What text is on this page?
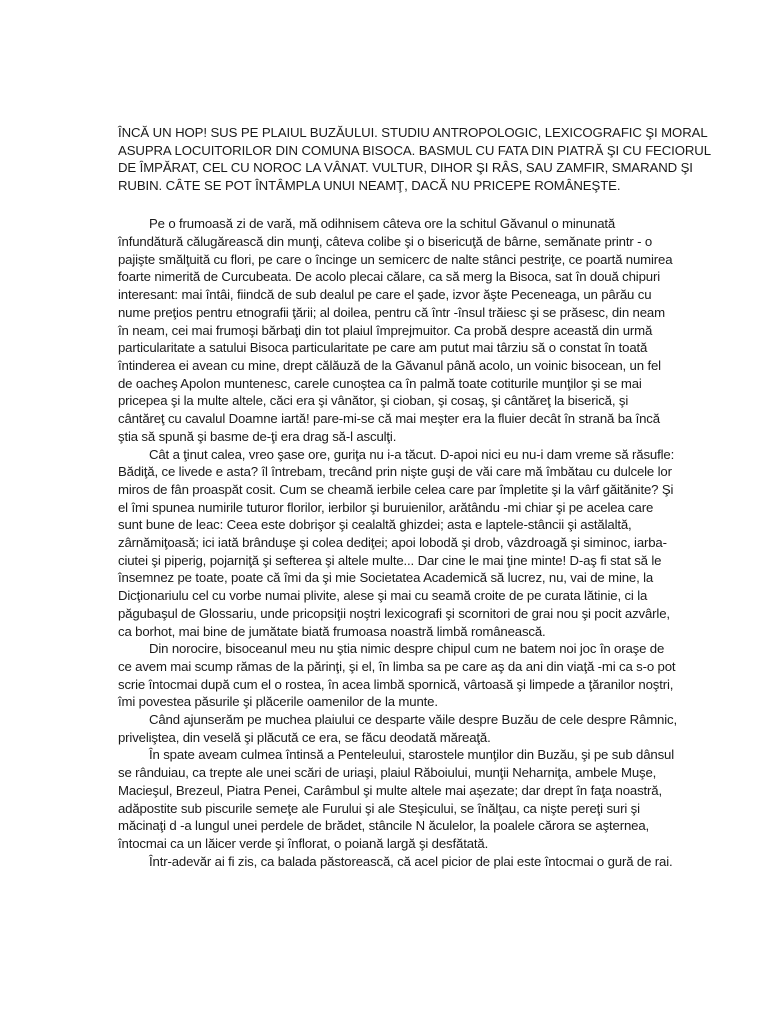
ÎNCĂ UN HOP! SUS PE PLAIUL BUZĂULUI. STUDIU ANTROPOLOGIC, LEXICOGRAFIC ŞI MORAL ASUPRA LOCUITORILOR DIN COMUNA BISOCA. BASMUL CU FATA DIN PIATRĂ ŞI CU FECIORUL DE ÎMPĂRAT, CEL CU NOROC LA VÂNAT. VULTUR, DIHOR ŞI RÂS, SAU ZAMFIR, SMARAND ŞI RUBIN. CÂTE SE POT ÎNTÂMPLA UNUI NEAMŢ, DACĂ NU PRICEPE ROMÂNEŞTE.

Pe o frumoasă zi de vară, mă odihnisem câteva ore la schitul Găvanul o minunată înfundătură călugărească din munţi, câteva colibe şi o bisericuţă de bârne, semănate printr - o pajişte smălţuită cu flori, pe care o încinge un semicerc de nalte stânci pestriţe, ce poartă numirea foarte nimerită de Curcubeata. De acolo plecai călare, ca să merg la Bisoca, sat în două chipuri interesant: mai întâi, fiindcă de sub dealul pe care el şade, izvor ăşte Peceneaga, un pârău cu nume preţios pentru etnografii ţării; al doilea, pentru că într -însul trăiesc şi se prăsesc, din neam în neam, cei mai frumoşi bărbaţi din tot plaiul împrejmuitor. Ca probă despre această din urmă particularitate a satului Bisoca particularitate pe care am putut mai târziu să o constat în toată întinderea ei avean cu mine, drept călăuză de la Găvanul până acolo, un voinic bisocean, un fel de oacheş Apolon muntenesc, carele cunoştea ca în palmă toate cotiturile munţilor şi se mai pricepea şi la multe altele, căci era şi vânător, şi cioban, şi cosaş, şi cântăreţ la biserică, şi cântăreţ cu cavalul Doamne iartă! pare-mi-se că mai meşter era la fluier decât în strană ba încă ştia să spună şi basme de-ţi era drag să-l asculţi.

Cât a ţinut calea, vreo şase ore, guriţa nu i-a tăcut. D-apoi nici eu nu-i dam vreme să răsufle: Bădiţă, ce livede e asta? îl întrebam, trecând prin nişte guşi de văi care mă îmbătau cu dulcele lor miros de fân proaspăt cosit. Cum se cheamă ierbile celea care par împletite şi la vârf găitănite? Şi el îmi spunea numirile tuturor florilor, ierbilor şi buruienilor, arătându -mi chiar şi pe acelea care sunt bune de leac: Ceea este dobrişor şi cealaltă ghizdei; asta e laptele-stâncii şi astălaltă, zârnămiţoasă; ici iată brânduşe şi colea dediţei; apoi lobodă şi drob, vâzdroagă şi siminoc, iarba-ciutei şi piperig, pojarniţă şi sefterea şi altele multe... Dar cine le mai ţine minte! D-aş fi stat să le însemnez pe toate, poate că îmi da şi mie Societatea Academică să lucrez, nu, vai de mine, la Dicţionariulu cel cu vorbe numai plivite, alese şi mai cu seamă croite de pe curata lătinie, ci la păgubaşul de Glossariu, unde pricopsiţii noştri lexicografi şi scornitori de grai nou şi pocit azvârle, ca borhot, mai bine de jumătate biată frumoasa noastră limbă românească.

Din norocire, bisoceanul meu nu ştia nimic despre chipul cum ne batem noi joc în oraşe de ce avem mai scump rămas de la părinţi, şi el, în limba sa pe care aş da ani din viaţă -mi ca s-o pot scrie întocmai după cum el o rostea, în acea limbă spornică, vârtoasă şi limpede a ţăranilor noştri, îmi povestea păsurile şi plăcerile oamenilor de la munte.

Când ajunserăm pe muchea plaiului ce desparte văile despre Buzău de cele despre Râmnic, priveliştea, din veselă şi plăcută ce era, se făcu deodată măreaţă.

În spate aveam culmea întinsă a Penteleului, starostele munţilor din Buzău, şi pe sub dânsul se rânduiau, ca trepte ale unei scări de uriaşi, plaiul Răboiului, munţii Neharniţa, ambele Muşe, Macieşul, Brezeul, Piatra Penei, Carâmbul şi multe altele mai aşezate; dar drept în faţa noastră, adăpostite sub piscurile semeţe ale Furului şi ale Steşicului, se înălţau, ca nişte pereţi suri şi măcinaţi d -a lungul unei perdele de brădet, stâncile N ăculelor, la poalele cărora se aşternea, întocmai ca un lăicer verde şi înflorat, o poiană largă şi desfătată.

Într-adevăr ai fi zis, ca balada păstorească, că acel picior de plai este întocmai o gură de rai.
